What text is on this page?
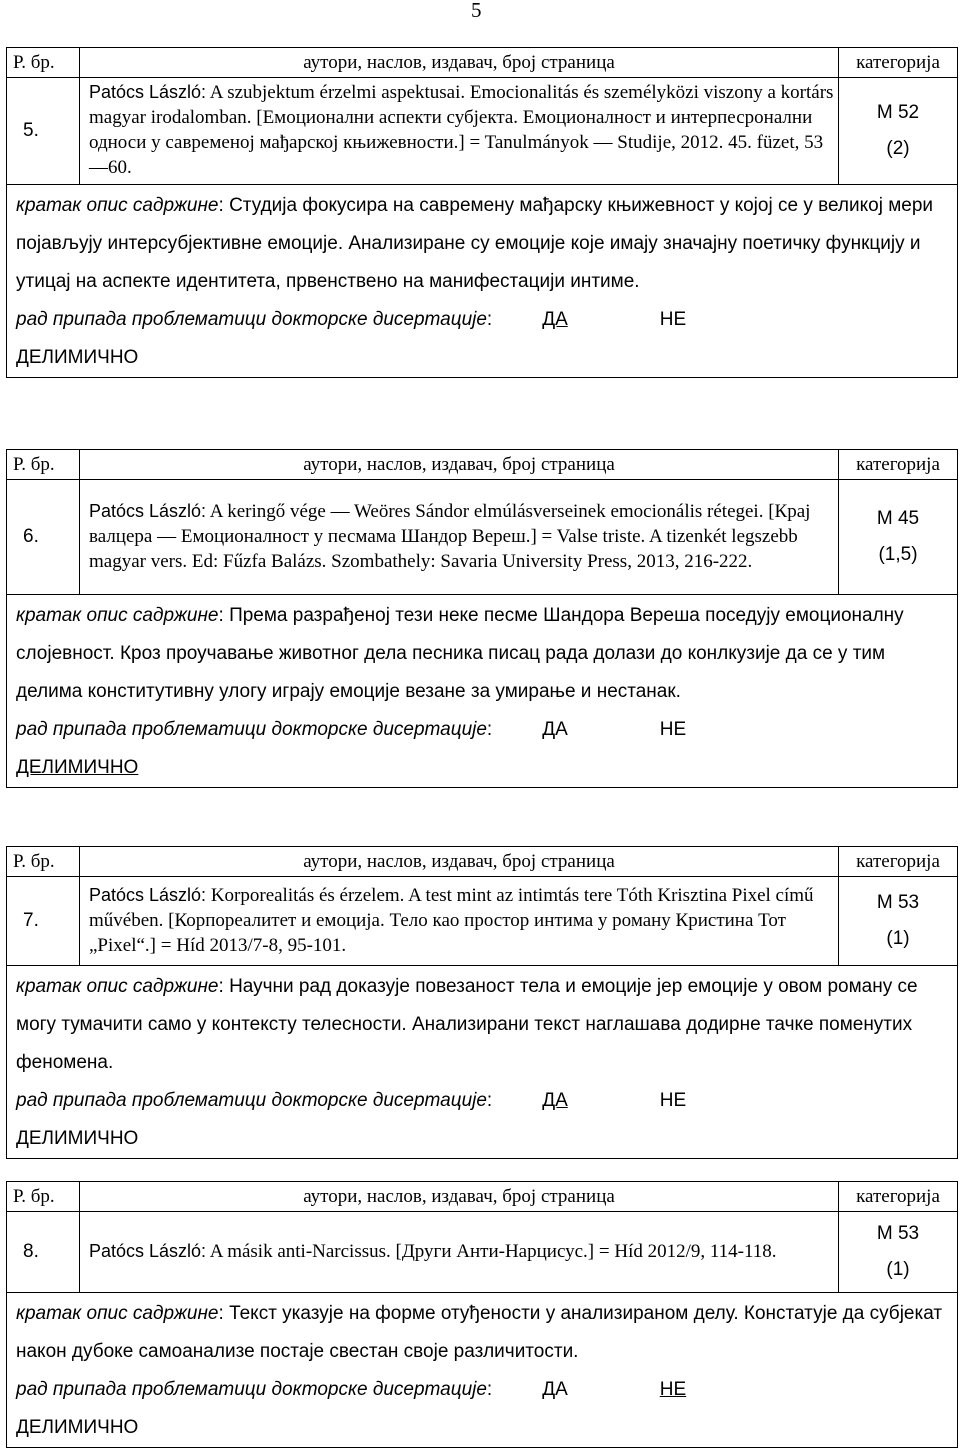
5
Р. бр.	аутори, наслов, издавач, број страница	категорија
5.	Patócs László: A szubjektum érzelmi aspektusai. Emocionalitás és személyközi viszony a kortárs magyar irodalomban. [Емоционални аспекти субјекта. Емоционалност и интерпесронални односи у савременој мађарској књижевности.] = Tanulmányok — Studije, 2012. 45. füzet, 53—60.	М 52
(2)

кратак опис садржине: Студија фокусира на савремену мађарску књижевност у којој се у великој мери појављују интерсубјективне емоције. Анализиране су емоције које имају значајну поетичку функцију и утицај на аспекте идентитета, првенствено на манифестацији интиме.
рад припада проблематици докторске дисертације: ДА НЕ
ДЕЛИМИЧНО		
Р. бр.	аутори, наслов, издавач, број страница	категорија
6.	Patócs László: A keringő vége — Weöres Sándor elmúlásverseinek emocionális rétegei. [Крај валцера — Емоционалност у песмама Шандор Вереш.] = Valse triste. A tizenkét legszebb magyar vers. Ed: Fűzfa Balázs. Szombathely: Savaria University Press, 2013, 216-222.	М 45
(1,5)

кратак опис садржине: Према разрађеној тези неке песме Шандора Вереша поседују емоционалну слојевност. Кроз проучавање животног дела песника писац рада долази до конлкузије да се у тим делима конститутивну улогу играју емоције везане за умирање и нестанак.
рад припада проблематици докторске дисертације: ДА НЕ
ДЕЛИМИЧНО		
Р. бр.	аутори, наслов, издавач, број страница	категорија
7.	Patócs László: Korporealitás és érzelem. A test mint az intimtás tere Tóth Krisztina Pixel című művében. [Корпореалитет и емоција. Тело као простор интима у роману Кристина Тот „Pixel“.] = Híd 2013/7-8, 95-101.	М 53
(1)

кратак опис садржине: Научни рад доказује повезаност тела и емоције јер емоције у овом роману се могу тумачити само у контексту телесности. Анализирани текст наглашава додирне тачке поменутих феномена.
рад припада проблематици докторске дисертације: ДА НЕ
ДЕЛИМИЧНО		
Р. бр.	аутори, наслов, издавач, број страница	категорија
8.	Patócs László: A másik anti-Narcissus. [Други Анти-Нарцисус.] = Híd 2012/9, 114-118.	М 53
(1)

кратак опис садржине: Текст указује на форме отуђености у анализираном делу. Констатује да субјекат након дубоке самоанализе постаје свестан своје различитости.
рад припада проблематици докторске дисертације: ДА НЕ
ДЕЛИМИЧНО		
